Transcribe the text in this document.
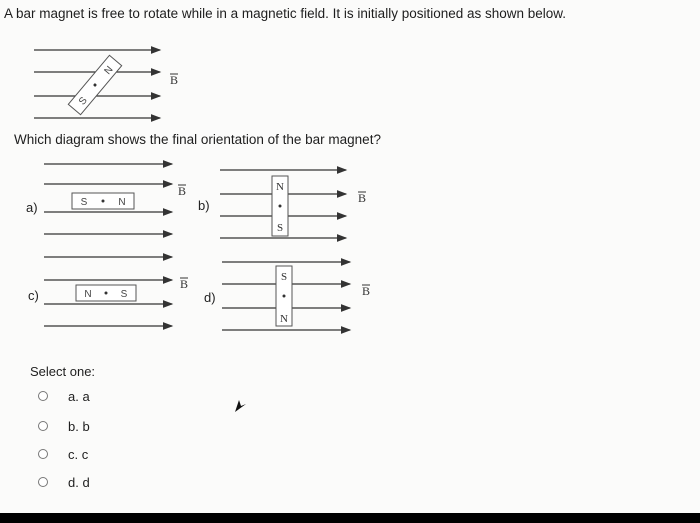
A bar magnet is free to rotate while in a magnetic field. It is initially positioned as shown below.
S
N
B
S	N
B
a)
N
S
B
b)
N	S
B
c)
S
N
B
d)
Which diagram shows the final orientation of the bar magnet?
Select one:
a. a
b. b
c. c
d. d
